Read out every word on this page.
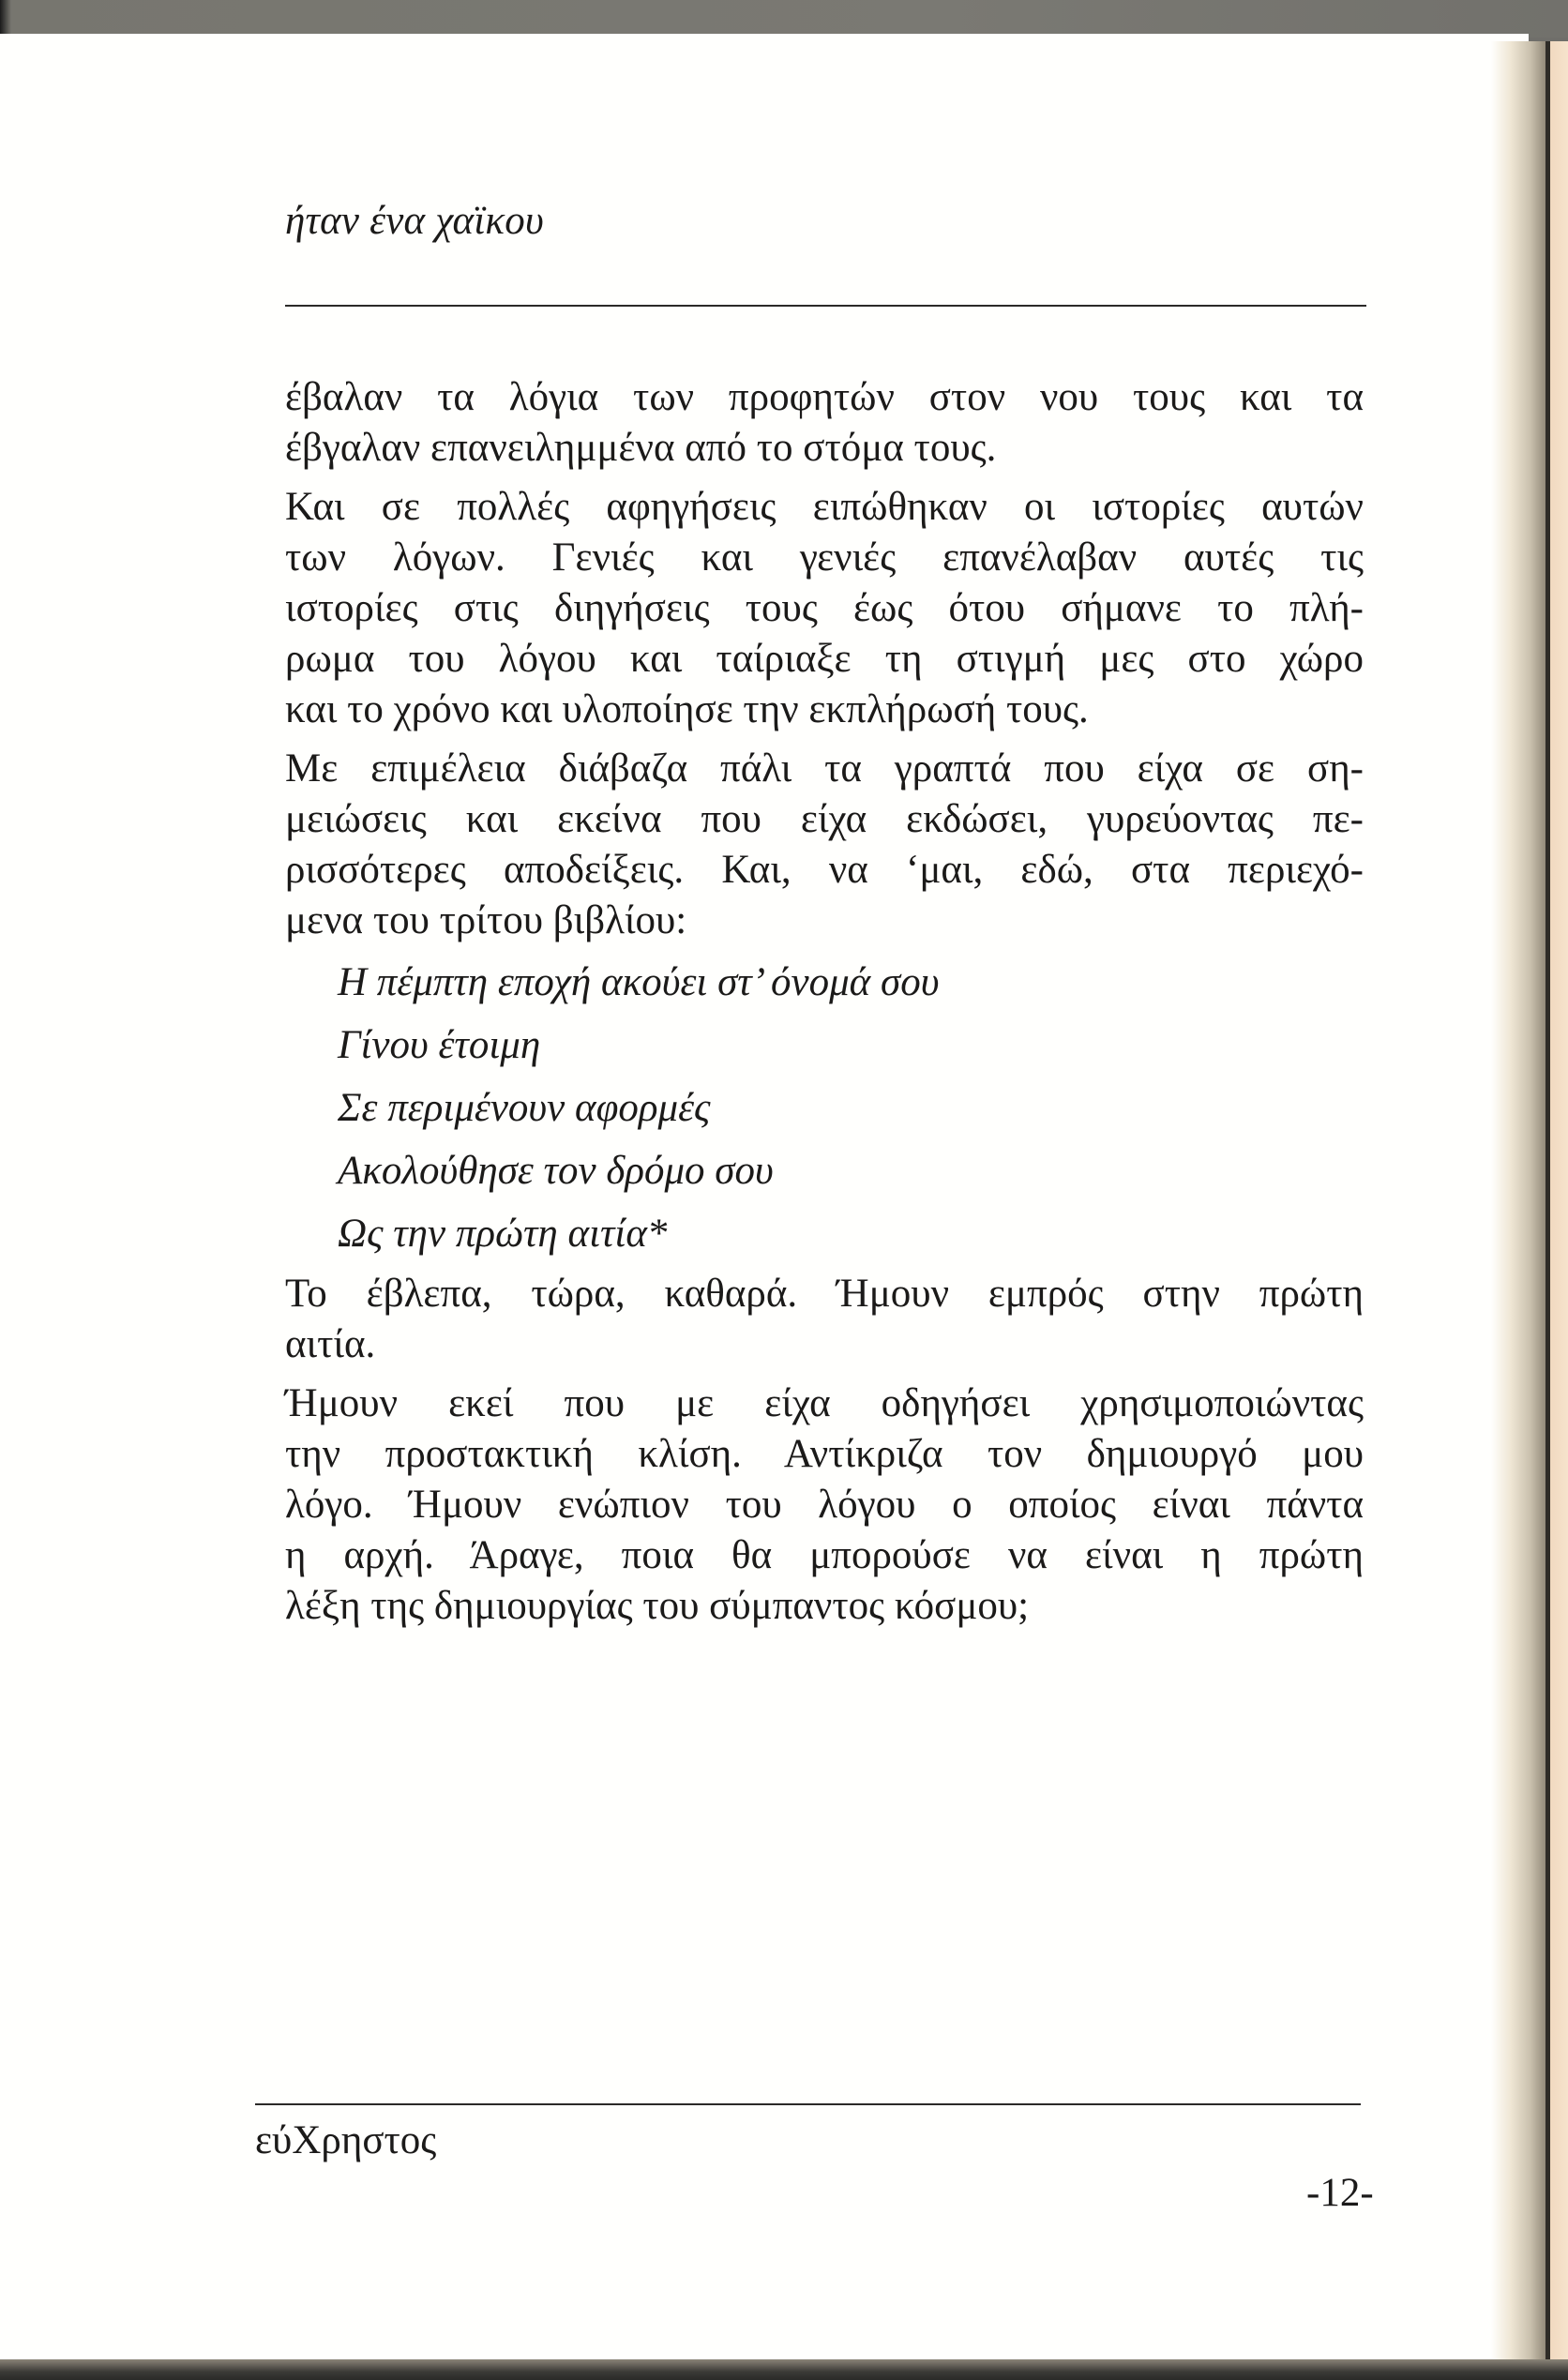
ήταν ένα χαϊκου

έβαλαν τα λόγια των προφητών στον νου τους και τα
έβγαλαν επανειλημμένα από το στόμα τους.

Και σε πολλές αφηγήσεις ειπώθηκαν οι ιστορίες αυτών
των λόγων. Γενιές και γενιές επανέλαβαν αυτές τις
ιστορίες στις διηγήσεις τους έως ότου σήμανε το πλή-
ρωμα του λόγου και ταίριαξε τη στιγμή μες στο χώρο
και το χρόνο και υλοποίησε την εκπλήρωσή τους.

Με επιμέλεια διάβαζα πάλι τα γραπτά που είχα σε ση-
μειώσεις και εκείνα που είχα εκδώσει, γυρεύοντας πε-
ρισσότερες αποδείξεις. Και, να ‘μαι, εδώ, στα περιεχό-
μενα του τρίτου βιβλίου:

Η πέμπτη εποχή ακούει στ’ όνομά σου
Γίνου έτοιμη
Σε περιμένουν αφορμές
Ακολούθησε τον δρόμο σου
Ως την πρώτη αιτία*

Το έβλεπα, τώρα, καθαρά. Ήμουν εμπρός στην πρώτη
αιτία.

Ήμουν εκεί που με είχα οδηγήσει χρησιμοποιώντας
την προστακτική κλίση. Αντίκριζα τον δημιουργό μου
λόγο. Ήμουν ενώπιον του λόγου ο οποίος είναι πάντα
η αρχή. Άραγε, ποια θα μπορούσε να είναι η πρώτη
λέξη της δημιουργίας του σύμπαντος κόσμου;

εύΧρηστος
-12-
